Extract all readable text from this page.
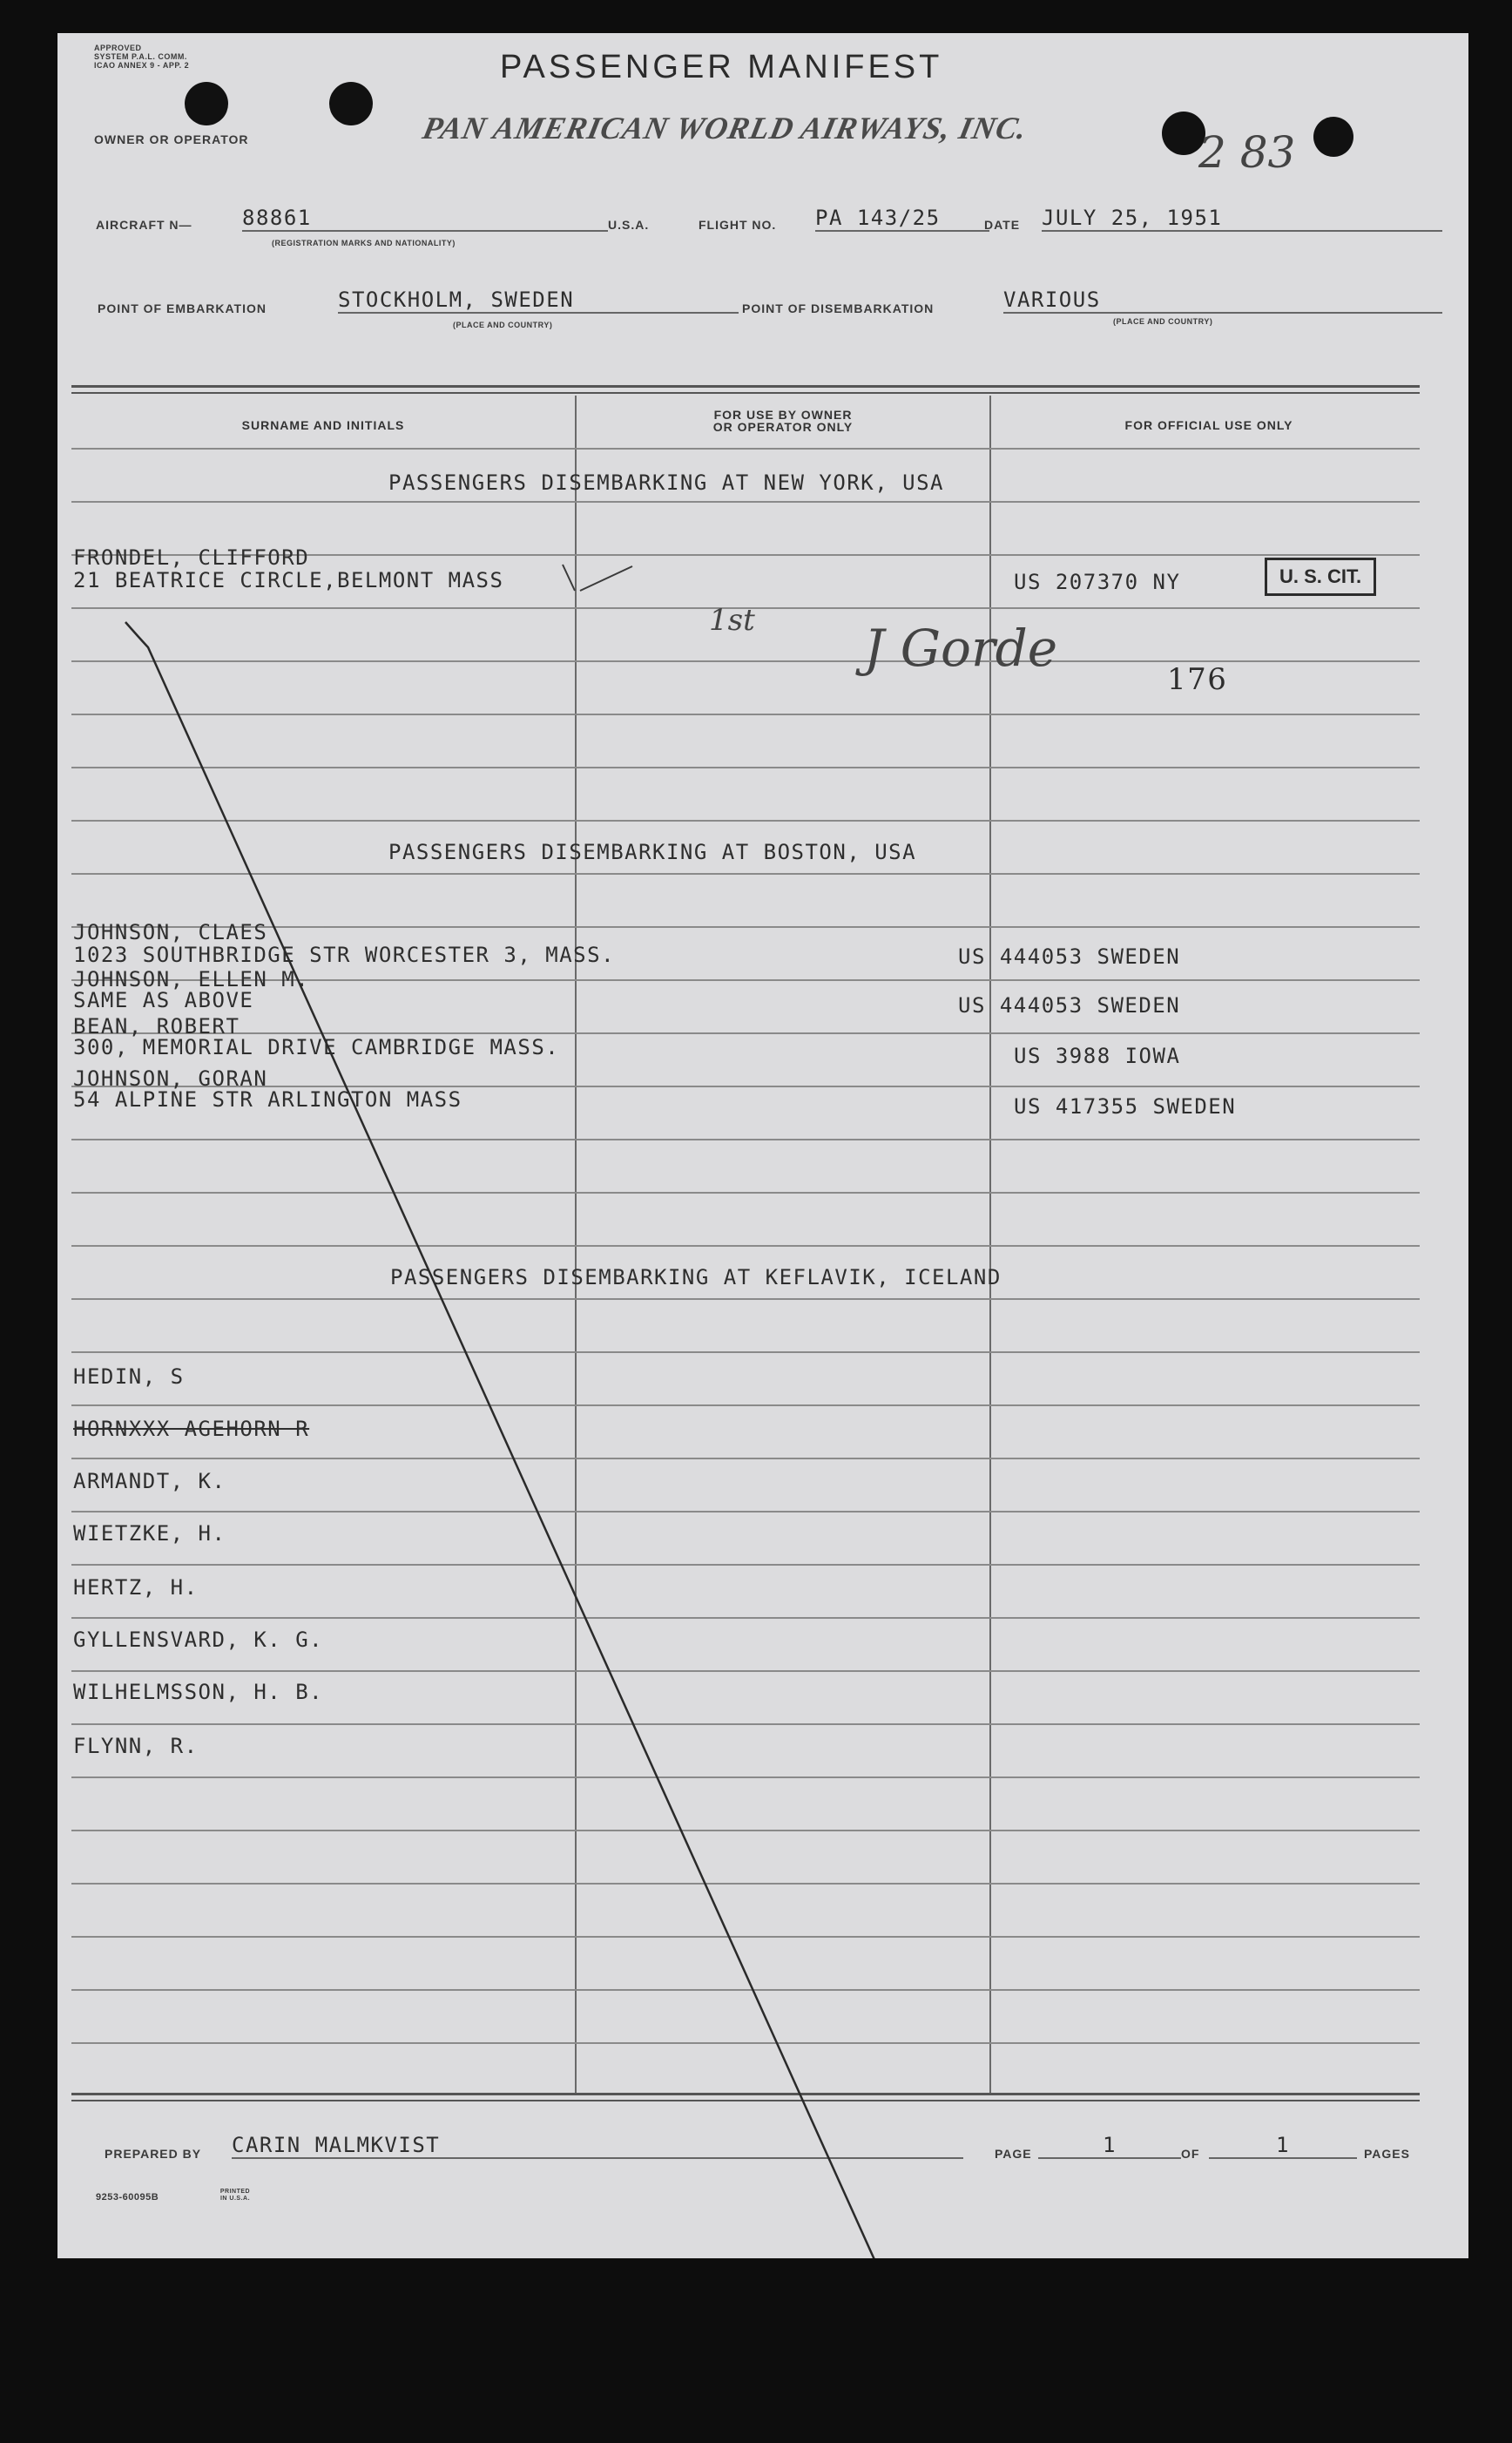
APPROVED
SYSTEM P.A.L. COMM.
ICAO ANNEX 9 - APP. 2	PASSENGER MANIFEST
OWNER OR OPERATOR	PAN AMERICAN WORLD AIRWAYS, INC.	2 83
AIRCRAFT N— 88861
(REGISTRATION MARKS AND NATIONALITY)
U.S.A.	FLIGHT NO. PA 143/25	DATE JULY 25, 1951
POINT OF EMBARKATION	STOCKHOLM, SWEDEN
(PLACE AND COUNTRY)
POINT OF DISEMBARKATION	VARIOUS
(PLACE AND COUNTRY)
SURNAME AND INITIALS
FOR USE BY OWNER
OR OPERATOR ONLY	FOR OFFICIAL USE ONLY
PASSENGERS DISEMBARKING AT NEW YORK, USA
PASSENGERS DISEMBARKING AT BOSTON, USA
PASSENGERS DISEMBARKING AT KEFLAVIK, ICELAND
FRONDEL, CLIFFORD
21 BEATRICE CIRCLE,BELMONT MASS	US 207370 NY	U. S. CIT.
1st J Gorde
176
JOHNSON, CLAES
1023 SOUTHBRIDGE STR WORCESTER 3, MASS.	US 444053 SWEDEN
JOHNSON, ELLEN M.
SAME AS ABOVE	US 444053 SWEDEN
BEAN, ROBERT
300, MEMORIAL DRIVE CAMBRIDGE MASS.	US 3988 IOWA
JOHNSON, GORAN
54 ALPINE STR ARLINGTON MASS	US 417355 SWEDEN
HEDIN, S
HORNXXX AGEHORN R
ARMANDT, K.
WIETZKE, H.
HERTZ, H.
GYLLENSVARD, K. G.
WILHELMSSON, H. B.
FLYNN, R.
PREPARED BY CARIN MALMKVIST	PAGE	1	OF	1	PAGES
9253-60095B
PRINTED IN U.S.A.
